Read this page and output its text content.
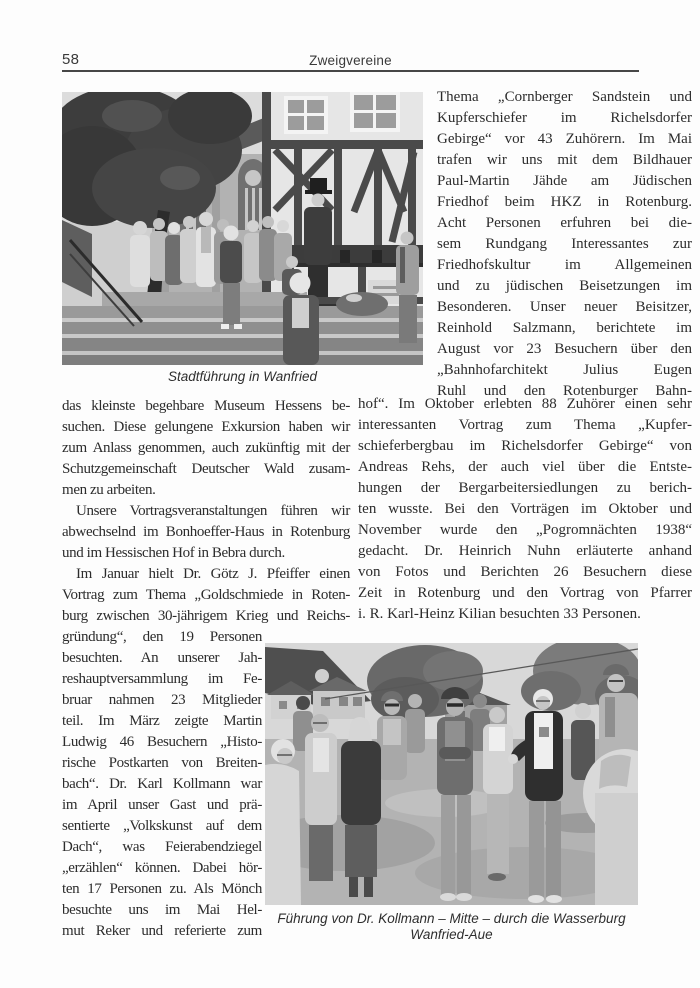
58	Zweigvereine
Stadtführung in Wanfried
Thema „Cornberger Sandstein und
Kupferschiefer im Richelsdorfer
Gebirge“ vor 43 Zuhörern. Im Mai
trafen wir uns mit dem Bildhauer
Paul-Martin Jähde am Jüdischen
Friedhof beim HKZ in Rotenburg.
Acht Personen erfuhren bei die-
sem Rundgang Interessantes zur
Friedhofskultur im Allgemeinen
und zu jüdischen Beisetzungen im
Besonderen. Unser neuer Beisitzer,
Reinhold Salzmann, berichtete im
August vor 23 Besuchern über den
„Bahnhofarchitekt Julius Eugen
Ruhl und den Rotenburger Bahn-
hof“. Im Oktober erlebten 88 Zuhörer einen sehr
interessanten Vortrag zum Thema „Kupfer-
schieferbergbau im Richelsdorfer Gebirge“ von
Andreas Rehs, der auch viel über die Entste-
hungen der Bergarbeitersiedlungen zu berich-
ten wusste. Bei den Vorträgen im Oktober und
November wurde den „Pogromnächten 1938“
gedacht. Dr. Heinrich Nuhn erläuterte anhand
von Fotos und Berichten 26 Besuchern diese
Zeit in Rotenburg und den Vortrag von Pfarrer
i. R. Karl-Heinz Kilian besuchten 33 Personen.
das kleinste begehbare Museum Hessens be-
suchen. Diese gelungene Exkursion haben wir
zum Anlass genommen, auch zukünftig mit der
Schutzgemeinschaft Deutscher Wald zusam-
men zu arbeiten.
Unsere Vortragsveranstaltungen führen wir
abwechselnd im Bonhoeffer-Haus in Rotenburg
und im Hessischen Hof in Bebra durch.
Im Januar hielt Dr. Götz J. Pfeiffer einen
Vortrag zum Thema „Goldschmiede in Roten-
burg zwischen 30-jährigem Krieg und Reichs-
gründung“, den 19 Personen
besuchten. An unserer Jah-
reshauptversammlung im Fe-
bruar nahmen 23 Mitglieder
teil. Im März zeigte Martin
Ludwig 46 Besuchern „Histo-
rische Postkarten von Breiten-
bach“. Dr. Karl Kollmann war
im April unser Gast und prä-
sentierte „Volkskunst auf dem
Dach“, was Feierabendziegel
„erzählen“ können. Dabei hör-
ten 17 Personen zu. Als Mönch
besuchte uns im Mai Hel-
mut Reker und referierte zum
Führung von Dr. Kollmann – Mitte – durch die Wasserburg Wanfried-Aue
